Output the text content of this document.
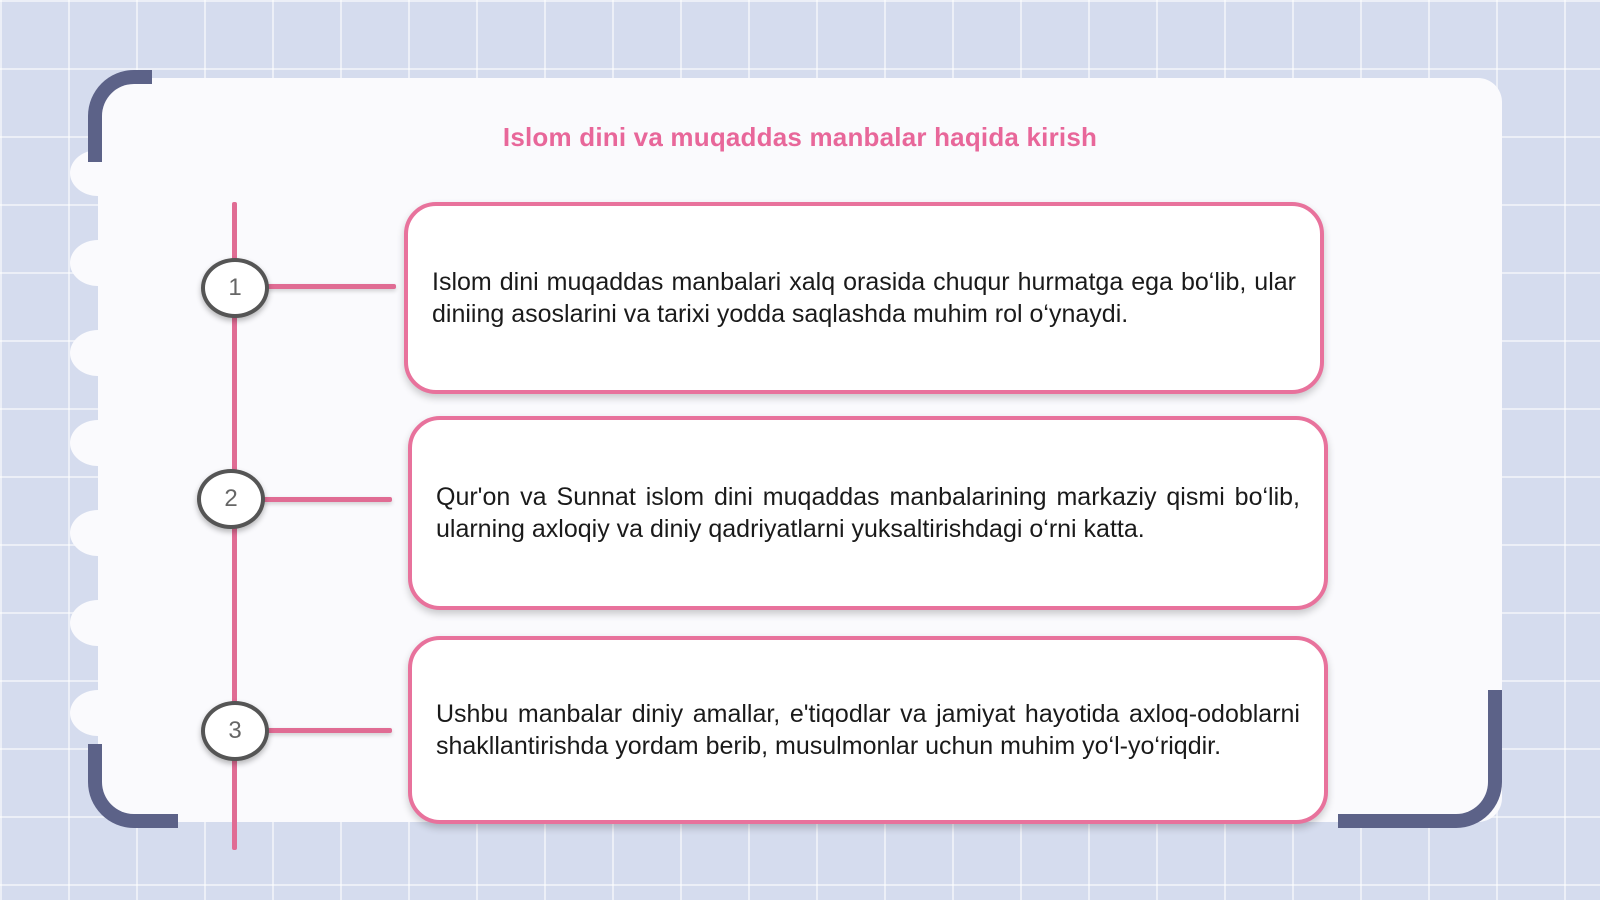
Islom dini va muqaddas manbalar haqida kirish
1
2
3

Islom dini muqaddas manbalari xalq orasida chuqur hurmatga ega bo‘lib, ular diniing asoslarini va tarixi yodda saqlashda muhim rol o‘ynaydi.

Qur'on va Sunnat islom dini muqaddas manbalarining markaziy qismi bo‘lib, ularning axloqiy va diniy qadriyatlarni yuksaltirishdagi o‘rni katta.

Ushbu manbalar diniy amallar, e'tiqodlar va jamiyat hayotida axloq-odoblarni shakllantirishda yordam berib, musulmonlar uchun muhim yo‘l-yo‘riqdir.
